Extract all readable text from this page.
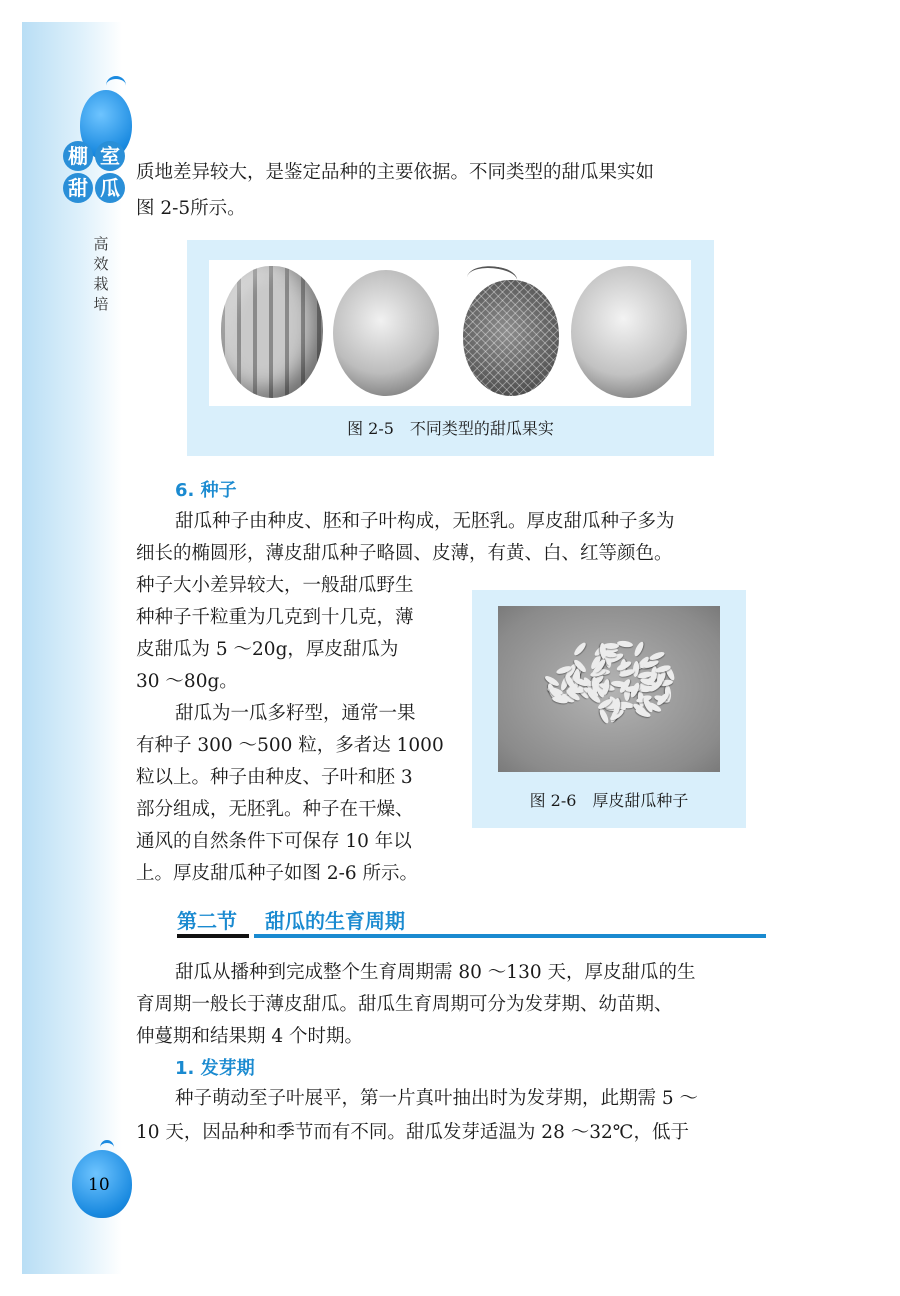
棚 室甜 瓜
高
效
栽
培
10
质地差异较大，是鉴定品种的主要依据。不同类型的甜瓜果实如
图 2-5所示。
图 2-5　不同类型的甜瓜果实
6. 种子
甜瓜种子由种皮、胚和子叶构成，无胚乳。厚皮甜瓜种子多为
细长的椭圆形，薄皮甜瓜种子略圆、皮薄，有黄、白、红等颜色。
种子大小差异较大，一般甜瓜野生
种种子千粒重为几克到十几克，薄
皮甜瓜为 5 ～20g，厚皮甜瓜为
30 ～80g。
甜瓜为一瓜多籽型，通常一果
有种子 300 ～500 粒，多者达 1000
粒以上。种子由种皮、子叶和胚 3
部分组成，无胚乳。种子在干燥、
通风的自然条件下可保存 10 年以
上。厚皮甜瓜种子如图 2-6 所示。
图 2-6　厚皮甜瓜种子
第二节 甜瓜的生育周期
甜瓜从播种到完成整个生育周期需 80 ～130 天，厚皮甜瓜的生
育周期一般长于薄皮甜瓜。甜瓜生育周期可分为发芽期、幼苗期、
伸蔓期和结果期 4 个时期。
1. 发芽期
种子萌动至子叶展平，第一片真叶抽出时为发芽期，此期需 5 ～
10 天，因品种和季节而有不同。甜瓜发芽适温为 28 ～32℃，低于
